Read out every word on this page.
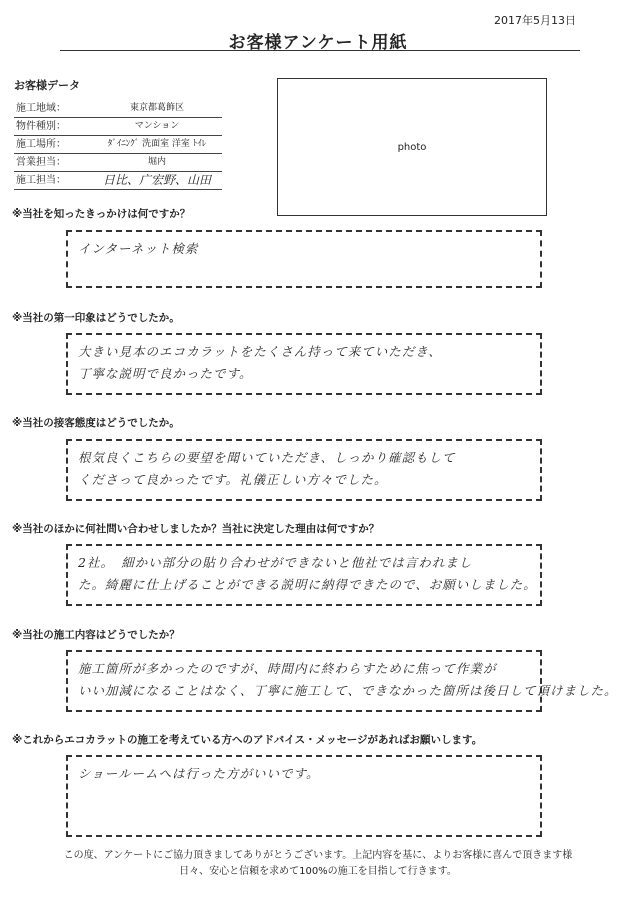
2017年5月13日
お客様アンケート用紙
お客様データ
施工地域：	東京都葛飾区
物件種別：	マンション
施工場所：	ﾀﾞｲﾆﾝｸﾞ 洗面室 洋室 ﾄｲﾚ
営業担当：	堀内
施工担当：	日比、广宏野、山田
photo
※当社を知ったきっかけは何ですか？
インターネット検索
※当社の第一印象はどうでしたか。
大きい見本のエコカラットをたくさん持って来ていただき、
丁寧な説明で良かったです。
※当社の接客態度はどうでしたか。
根気良くこちらの要望を聞いていただき、しっかり確認もして
くださって良かったです。礼儀正しい方々でした。
※当社のほかに何社問い合わせしましたか？当社に決定した理由は何ですか？
2社。　細かい部分の貼り合わせができないと他社では言われまし
た。綺麗に仕上げることができる説明に納得できたので、お願いしました。
※当社の施工内容はどうでしたか？
施工箇所が多かったのですが、時間内に終わらすために焦って作業が
いい加減になることはなく、丁寧に施工して、できなかった箇所は後日して頂けました。
※これからエコカラットの施工を考えている方へのアドバイス・メッセージがあればお願いします。
ショールームへは行った方がいいです。
この度、アンケートにご協力頂きましてありがとうございます。上記内容を基に、よりお客様に喜んで頂きます様
日々、安心と信頼を求めて100%の施工を目指して行きます。
